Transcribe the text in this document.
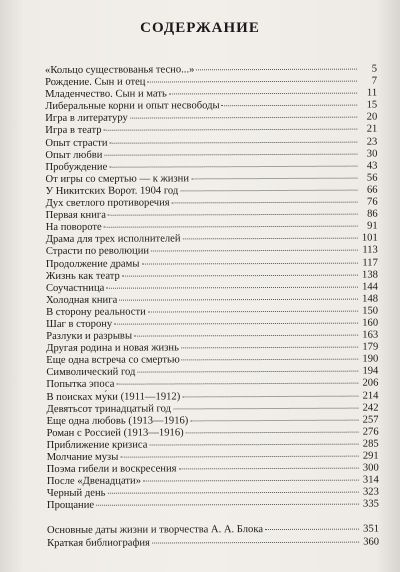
СОДЕРЖАНИЕ
«Кольцо существованья тесно...»	5
Рождение. Сын и отец	7
Младенчество. Сын и мать	11
Либеральные корни и опыт несвободы	15
Игра в литературу	20
Игра в театр	21
Опыт страсти	23
Опыт любви	30
Пробуждение	43
От игры со смертью — к жизни	56
У Никитских Ворот. 1904 год	66
Дух светлого противоречия	76
Первая книга	86
На повороте	91
Драма для трех исполнителей	101
Страсти по революции	113
Продолжение драмы	117
Жизнь как театр	138
Соучастница	144
Холодная книга	148
В сторону реальности	150
Шаг в сторону	160
Разлуки и разрывы	163
Другая родина и новая жизнь	179
Еще одна встреча со смертью	190
Символический год	194
Попытка эпоса	206
В поисках му́ки (1911—1912)	214
Девятьсот тринадцатый год	242
Еще одна любовь (1913—1916)	257
Роман с Россией (1913—1916)	276
Приближение кризиса	285
Молчание музы	291
Поэма гибели и воскресения	300
После «Двенадцати»	314
Черный день	323
Прощание	335
Основные даты жизни и творчества А. А. Блока	351
Краткая библиография	360
